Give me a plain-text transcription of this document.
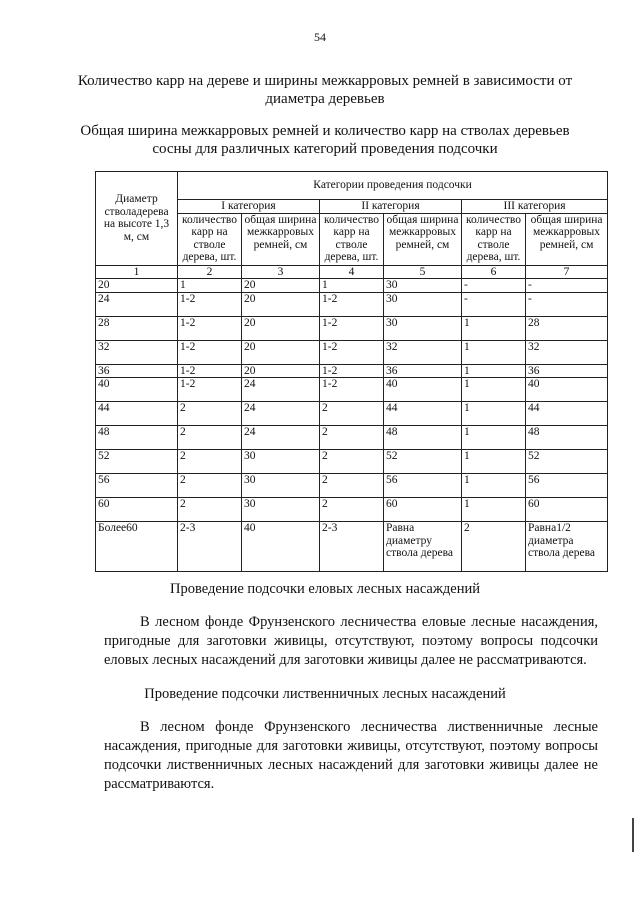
54
Количество карр на дереве и ширины межкарровых ремней в зависимости от диаметра деревьев
Общая ширина межкарровых ремней и количество карр на стволах деревьев сосны для различных категорий проведения подсочки
Диаметр стволадерева на высоте 1,3 м, см	Категории проведения подсочки					
	I категория		II категория		III категория	
	количество карр на стволе дерева, шт.	общая ширина межкарровых ремней, см	количество карр на стволе дерева, шт.	общая ширина межкарровых ремней, см	количество карр на стволе дерева, шт.	общая ширина межкарровых ремней, см
1	2	3	4	5	6	7
20	1	20	1	30	-	-
24	1-2	20	1-2	30	-	-
28	1-2	20	1-2	30	1	28
32	1-2	20	1-2	32	1	32
36	1-2	20	1-2	36	1	36
40	1-2	24	1-2	40	1	40
44	2	24	2	44	1	44
48	2	24	2	48	1	48
52	2	30	2	52	1	52
56	2	30	2	56	1	56
60	2	30	2	60	1	60
Более60	2-3	40	2-3	Равна диаметру ствола дерева	2	Равна1/2 диаметра ствола дерева
Проведение подсочки еловых лесных насаждений
В лесном фонде Фрунзенского лесничества еловые лесные насаждения, пригодные для заготовки живицы, отсутствуют, поэтому вопросы подсочки еловых лесных насаждений для заготовки живицы далее не рассматриваются.
Проведение подсочки лиственничных лесных насаждений
В лесном фонде Фрунзенского лесничества лиственничные лесные насаждения, пригодные для заготовки живицы, отсутствуют, поэтому вопросы подсочки лиственничных лесных насаждений для заготовки живицы далее не рассматриваются.
